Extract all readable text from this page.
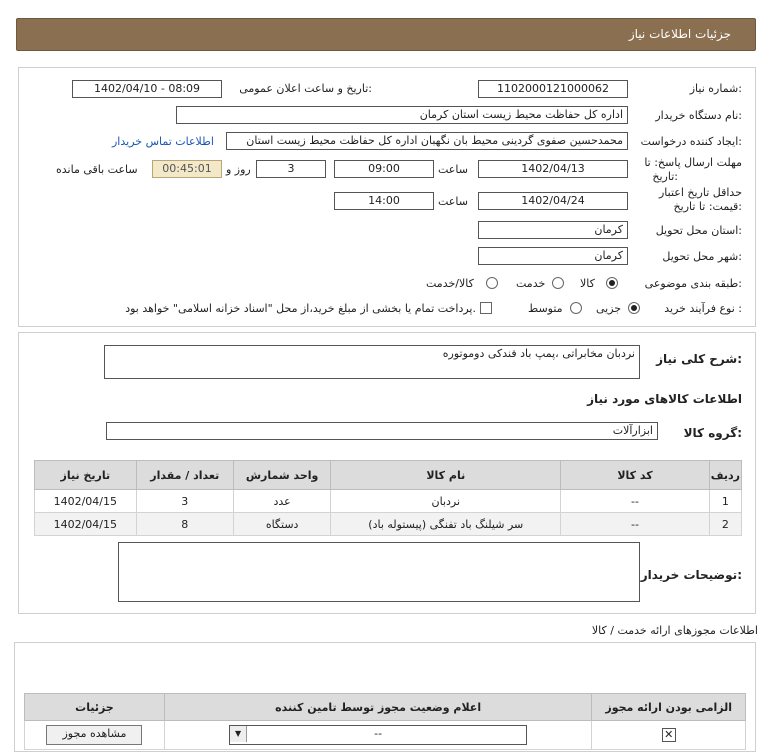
جزئیات اطلاعات نیاز
شماره نیاز:
1102000121000062
تاریخ و ساعت اعلان عمومی:
1402/04/10 - 08:09
نام دستگاه خریدار:
اداره کل حفاظت محیط زیست استان کرمان
ایجاد کننده درخواست:
محمدحسین صفوی گردینی محیط بان نگهبان اداره کل حفاظت محیط زیست استان
اطلاعات تماس خریدار
مهلت ارسال پاسخ: تا
تاریخ:
1402/04/13
ساعت
09:00
3
روز و
00:45:01
ساعت باقی مانده
حداقل تاریخ اعتبار
قیمت: تا تاریخ:
1402/04/24
ساعت
14:00
استان محل تحویل:
کرمان
شهر محل تحویل:
کرمان
طبقه بندی موضوعی:
کالا
خدمت
کالا/خدمت
نوع فرآیند خرید :
جزیی
متوسط
پرداخت تمام یا بخشی از مبلغ خرید،از محل "اسناد خزانه اسلامی" خواهد بود.
شرح کلی نیاز:
نردبان مخابراتی ،پمپ باد فندکی دوموتوره
اطلاعات کالاهای مورد نیاز
گروه کالا:
ابزارآلات
ردیف	کد کالا	نام کالا	واحد شمارش	تعداد / مقدار	تاریخ نیاز
1	--	نردبان	عدد	3	1402/04/15
2	--	سر شیلنگ باد تفنگی (پیستوله باد)	دستگاه	8	1402/04/15
توضیحات خریدار:
اطلاعات مجوزهای ارائه خدمت / کالا
الزامی بودن ارائه مجوز	اعلام وضعیت مجوز توسط تامین کننده	جزئیات
✕	▼ --	مشاهده مجوز
